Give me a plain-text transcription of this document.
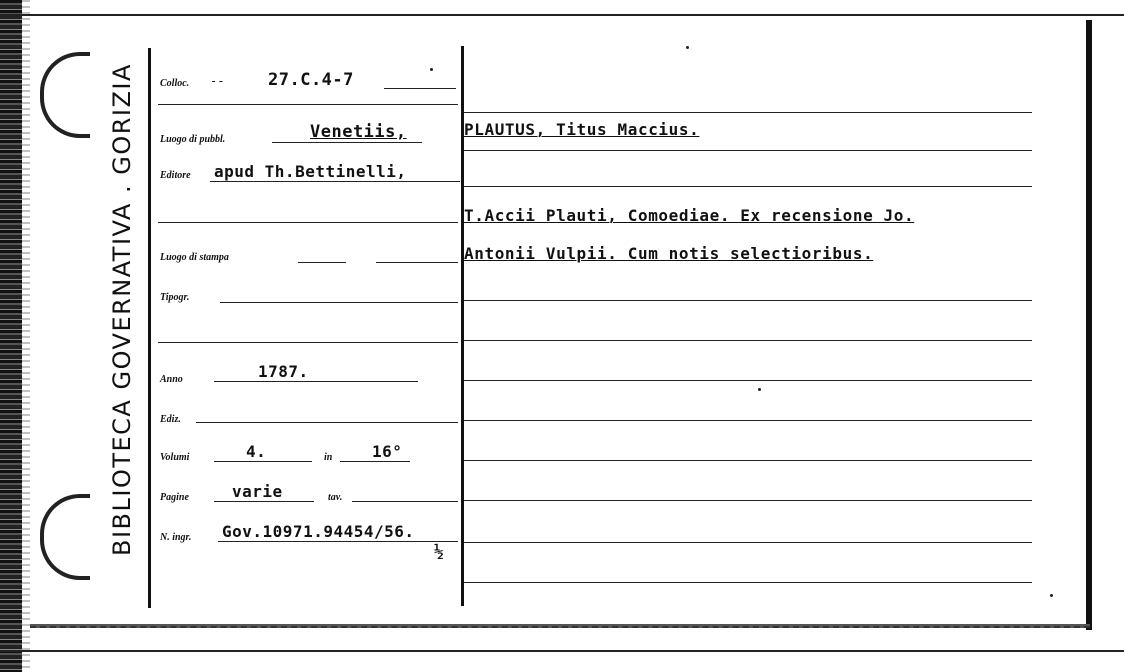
BIBLIOTECA GOVERNATIVA . GORIZIA Colloc. --	27.C.4-7
Luogo di pubbl.	Venetiis,
Editore apud Th.Bettinelli,
Luogo di stampa
Tipogr.
Anno	1787.
Ediz.
Volumi	4.	in 16°
Pagine	varie	tav.
N. ingr. Gov.10971.94454/56.
½
PLAUTUS, Titus Maccius.
T.Accii Plauti, Comoediae. Ex recensione Jo.
Antonii Vulpii. Cum notis selectioribus.
